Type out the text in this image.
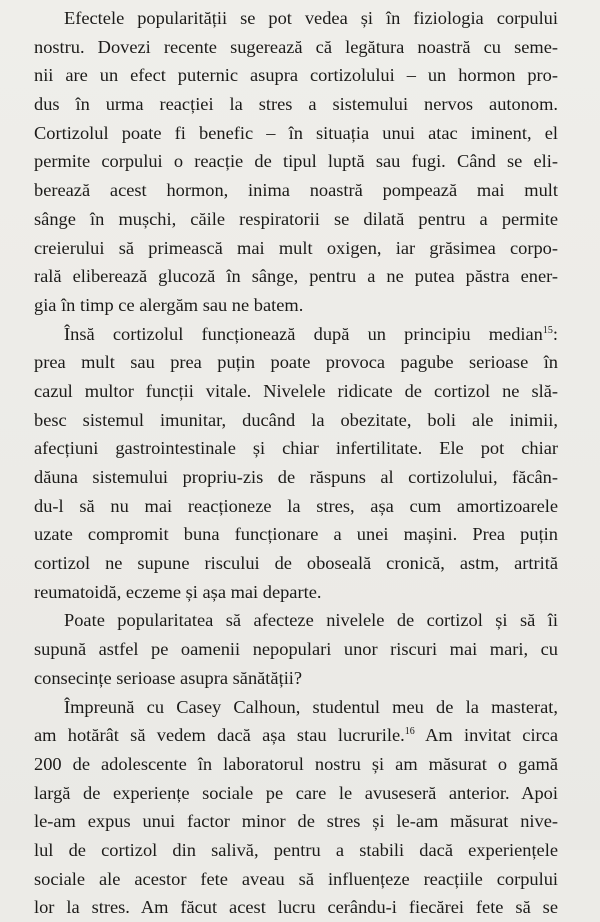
Efectele popularității se pot vedea și în fiziologia corpului
nostru. Dovezi recente sugerează că legătura noastră cu seme-
nii are un efect puternic asupra cortizolului – un hormon pro-
dus în urma reacției la stres a sistemului nervos autonom.
Cortizolul poate fi benefic – în situația unui atac iminent, el
permite corpului o reacție de tipul luptă sau fugi. Când se eli-
berează acest hormon, inima noastră pompează mai mult
sânge în mușchi, căile respiratorii se dilată pentru a permite
creierului să primească mai mult oxigen, iar grăsimea corpo-
rală eliberează glucoză în sânge, pentru a ne putea păstra ener-
gia în timp ce alergăm sau ne batem.
Însă cortizolul funcționează după un principiu median$^{15}$:
prea mult sau prea puțin poate provoca pagube serioase în
cazul multor funcții vitale. Nivelele ridicate de cortizol ne slă-
besc sistemul imunitar, ducând la obezitate, boli ale inimii,
afecțiuni gastrointestinale și chiar infertilitate. Ele pot chiar
dăuna sistemului propriu-zis de răspuns al cortizolului, făcân-
du-l să nu mai reacționeze la stres, așa cum amortizoarele
uzate compromit buna funcționare a unei mașini. Prea puțin
cortizol ne supune riscului de oboseală cronică, astm, artrită
reumatoidă, eczeme și așa mai departe.
Poate popularitatea să afecteze nivelele de cortizol și să îi
supună astfel pe oamenii nepopulari unor riscuri mai mari, cu
consecințe serioase asupra sănătății?
Împreună cu Casey Calhoun, studentul meu de la masterat,
am hotărât să vedem dacă așa stau lucrurile.$^{16}$ Am invitat circa
200 de adolescente în laboratorul nostru și am măsurat o gamă
largă de experiențe sociale pe care le avuseseră anterior. Apoi
le-am expus unui factor minor de stres și le-am măsurat nive-
lul de cortizol din salivă, pentru a stabili dacă experiențele
sociale ale acestor fete aveau să influențeze reacțiile corpului
lor la stres. Am făcut acest lucru cerându-i fiecărei fete să se
